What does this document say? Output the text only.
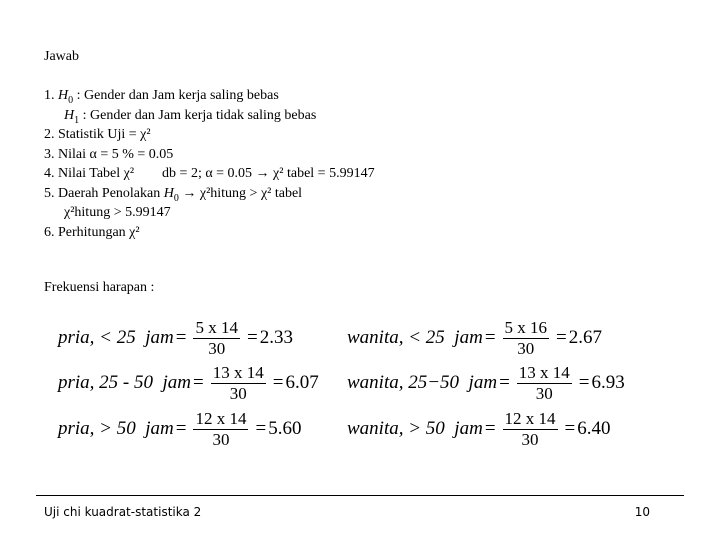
Jawab
1. $H_0$ : Gender dan Jam kerja saling bebas
$H_1$ : Gender dan Jam kerja tidak saling bebas
2. Statistik Uji = χ²
3. Nilai α = 5 % = 0.05
4. Nilai Tabel χ²        db = 2; α = 0.05 → χ² tabel = 5.99147
5. Daerah Penolakan $H_0$ → χ²hitung > χ² tabel
χ²hitung > 5.99147
6. Perhitungan χ²
Frekuensi harapan :
pria, < 25  jam = $\frac{5 x 14}{30} = 2.33$	wanita, < 25  jam = $\frac{5 x 16}{30} = 2.67$
pria, 25 - 50  jam = $\frac{13 x 14}{30} = 6.07$ wanita, 25−50  jam = $\frac{13 x 14}{30} = 6.93$
pria, > 50  jam = $\frac{12 x 14}{30} = 5.60$ wanita, > 50  jam = $\frac{12 x 14}{30} = 6.40$
Uji chi kuadrat-statistika 2	10
